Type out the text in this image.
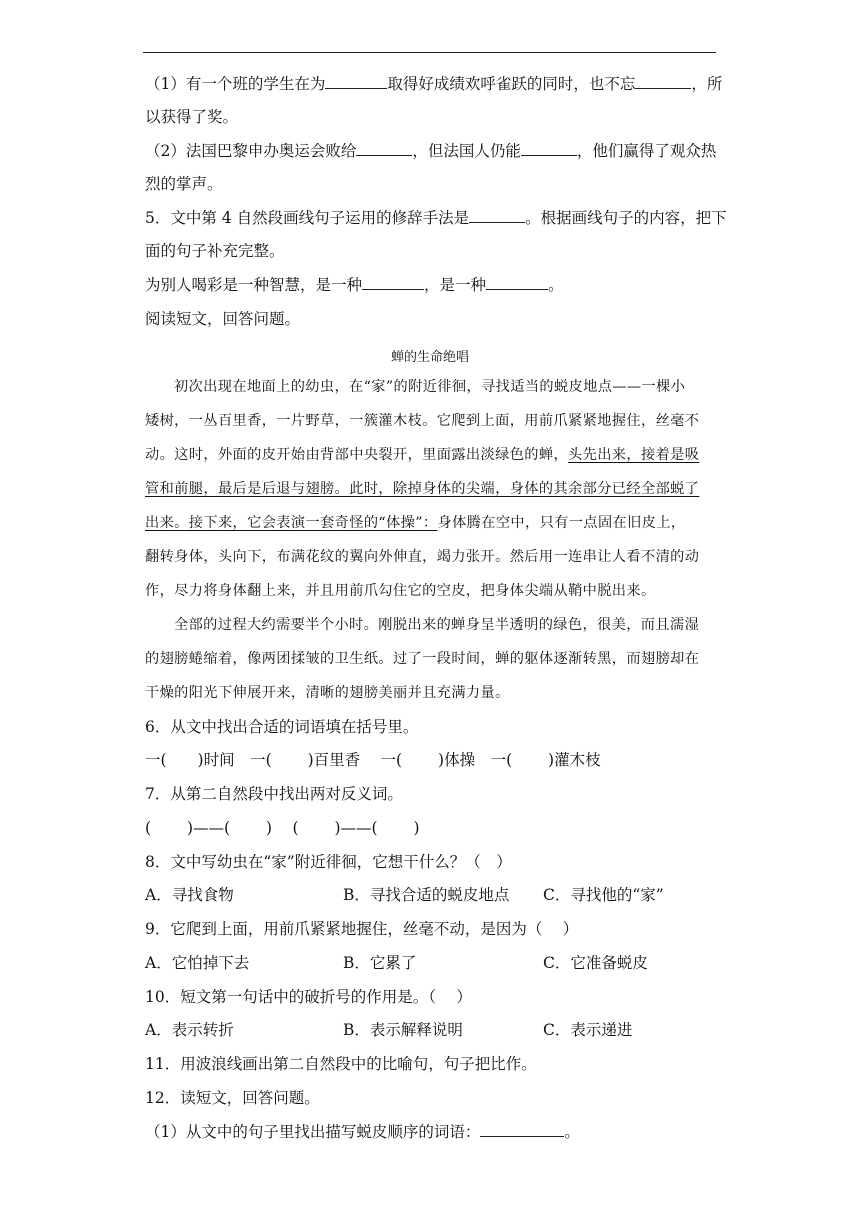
（1）有一个班的学生在为	取得好成绩欢呼雀跃的同时，也不忘	，所
以获得了奖。
（2）法国巴黎申办奥运会败给	，但法国人仍能	，他们赢得了观众热
烈的掌声。
5．文中第 4 自然段画线句子运用的修辞手法是	。根据画线句子的内容，把下
面的句子补充完整。
为别人喝彩是一种智慧，是一种	，是一种	。
阅读短文，回答问题。
蝉的生命绝唱
初次出现在地面上的幼虫，在“家”的附近徘徊，寻找适当的蜕皮地点——一棵小
矮树，一丛百里香，一片野草，一簇灌木枝。它爬到上面，用前爪紧紧地握住，丝毫不
动。这时，外面的皮开始由背部中央裂开，里面露出淡绿色的蝉，头先出来，接着是吸
管和前腿，最后是后退与翅膀。此时，除掉身体的尖端，身体的其余部分已经全部蜕了
出来。接下来，它会表演一套奇怪的“体操”：身体腾在空中，只有一点固在旧皮上，
翻转身体，头向下，布满花纹的翼向外伸直，竭力张开。然后用一连串让人看不清的动
作，尽力将身体翻上来，并且用前爪勾住它的空皮，把身体尖端从鞘中脱出来。
全部的过程大约需要半个小时。刚脱出来的蝉身呈半透明的绿色，很美，而且濡湿
的翅膀蜷缩着，像两团揉皱的卫生纸。过了一段时间，蝉的躯体逐渐转黑，而翅膀却在
干燥的阳光下伸展开来，清晰的翅膀美丽并且充满力量。
6．从文中找出合适的词语填在括号里。
一(　　)时间　一(　　 )百里香　 一(　　 )体操　一(　　 )灌木枝
7．从第二自然段中找出两对反义词。
(　　 )——(　　 )　 (　　 )——(　　 )
8．文中写幼虫在“家”附近徘徊，它想干什么？（　）
A．寻找食物	B．寻找合适的蜕皮地点 C．寻找他的“家”
9．它爬到上面，用前爪紧紧地握住，丝毫不动，是因为（　 ）
A．它怕掉下去	B．它累了	C．它准备蜕皮
10．短文第一句话中的破折号的作用是。（　 ）
A．表示转折	B．表示解释说明	C．表示递进
11．用波浪线画出第二自然段中的比喻句，句子把比作。
12．读短文，回答问题。
（1）从文中的句子里找出描写蜕皮顺序的词语：	。
